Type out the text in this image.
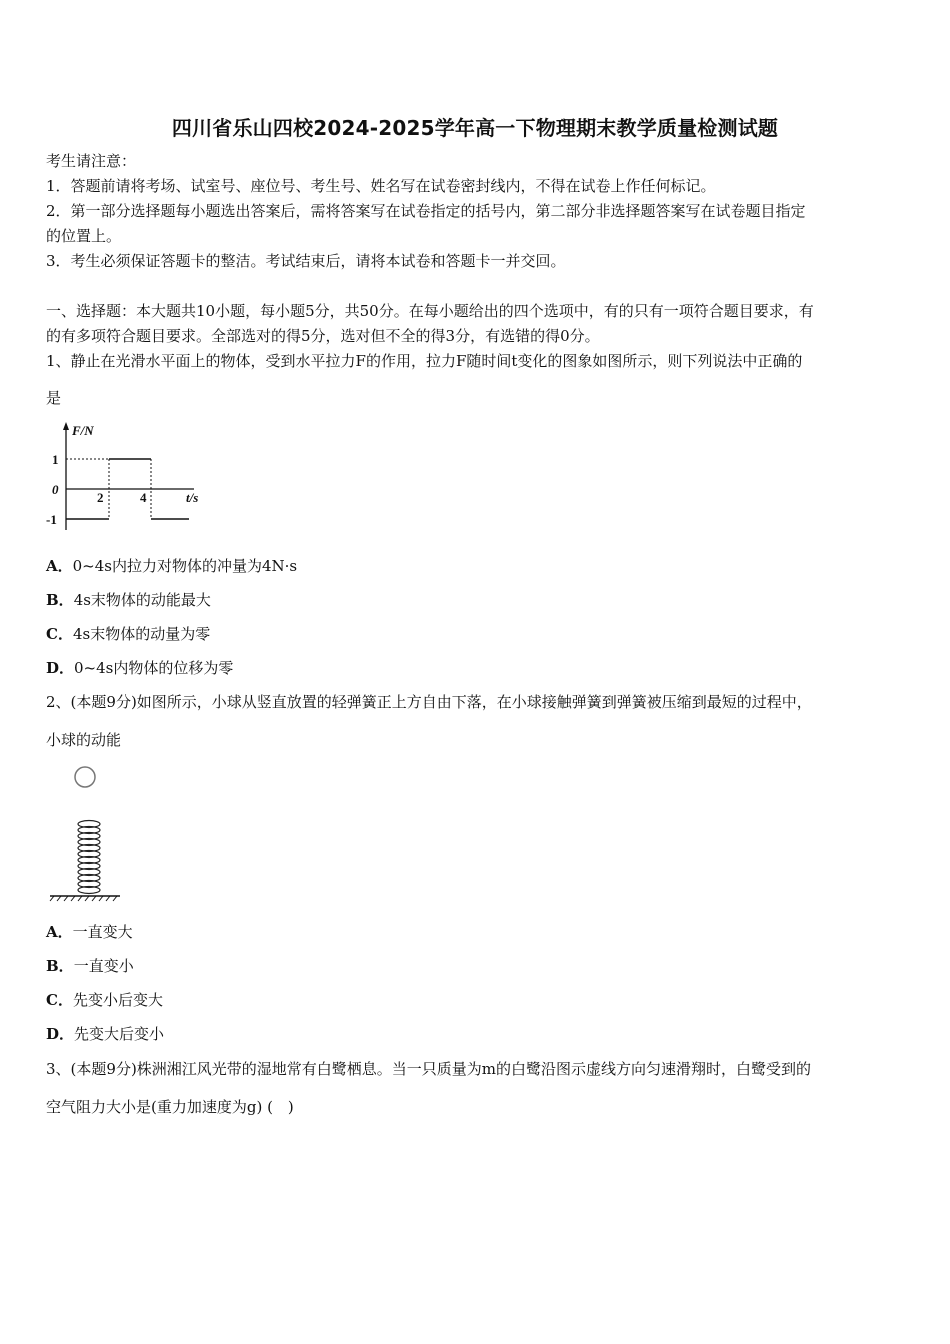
四川省乐山四校2024-2025学年高一下物理期末教学质量检测试题
考生请注意：
1．答题前请将考场、试室号、座位号、考生号、姓名写在试卷密封线内，不得在试卷上作任何标记。
2．第一部分选择题每小题选出答案后，需将答案写在试卷指定的括号内，第二部分非选择题答案写在试卷题目指定
的位置上。
3．考生必须保证答题卡的整洁。考试结束后，请将本试卷和答题卡一并交回。
一、选择题：本大题共10小题，每小题5分，共50分。在每小题给出的四个选项中，有的只有一项符合题目要求，有
的有多项符合题目要求。全部选对的得5分，选对但不全的得3分，有选错的得0分。
1、静止在光滑水平面上的物体，受到水平拉力F的作用，拉力F随时间t变化的图象如图所示，则下列说法中正确的
是
F/N
1
0
-1
2	4	t/s
A．0~4s内拉力对物体的冲量为4N·s
B．4s末物体的动能最大
C．4s末物体的动量为零
D．0~4s内物体的位移为零
2、(本题9分)如图所示，小球从竖直放置的轻弹簧正上方自由下落，在小球接触弹簧到弹簧被压缩到最短的过程中，
小球的动能
A．一直变大
B．一直变小
C．先变小后变大
D．先变大后变小
3、(本题9分)株洲湘江风光带的湿地常有白鹭栖息。当一只质量为m的白鹭沿图示虚线方向匀速滑翔时，白鹭受到的
空气阻力大小是(重力加速度为g) (　)
